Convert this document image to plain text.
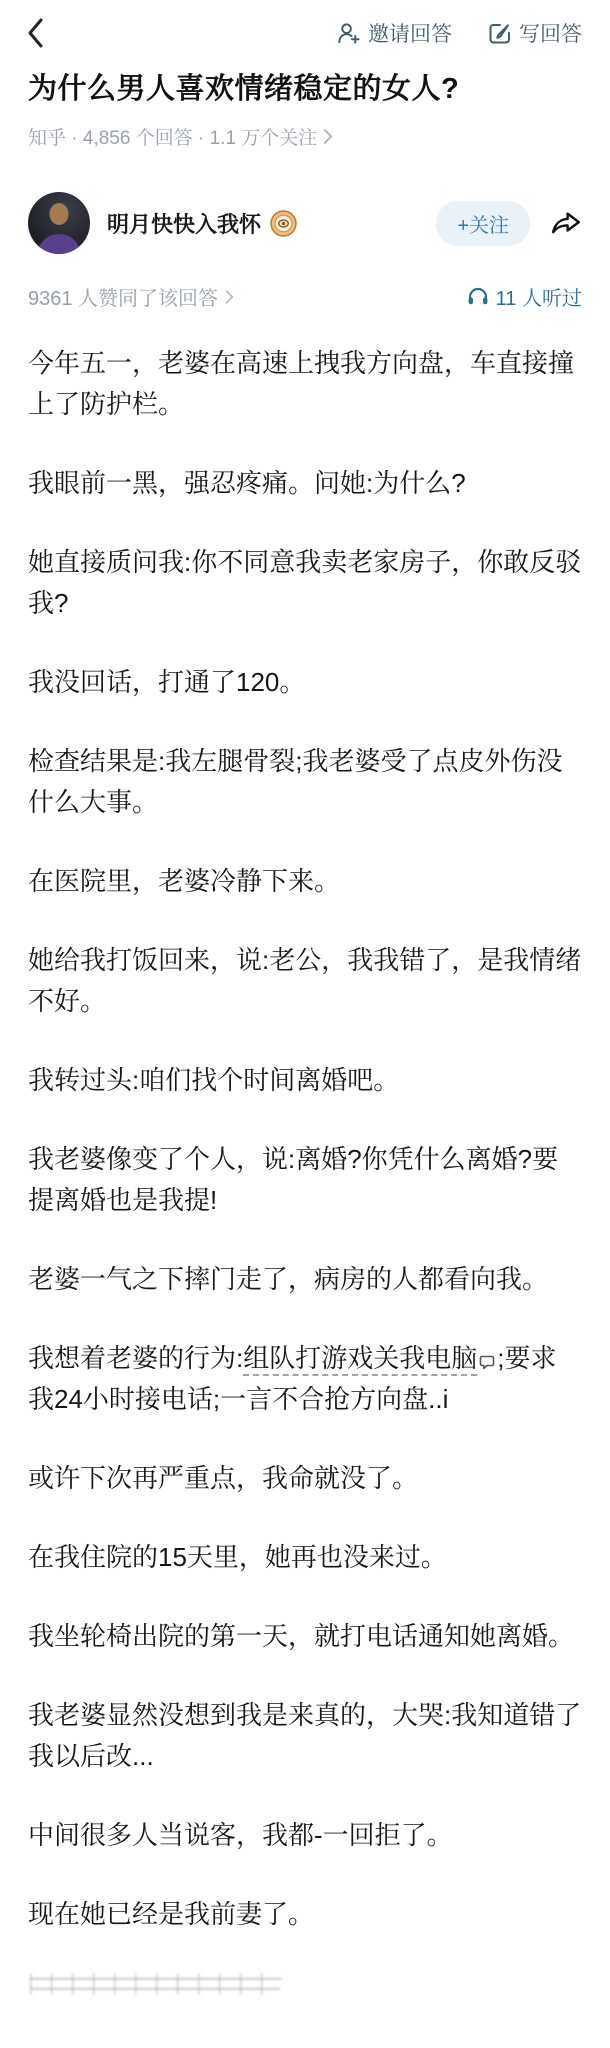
邀请回答	写回答
为什么男人喜欢情绪稳定的女人?
知乎 · 4,856 个回答 · 1.1 万个关注
明月快快入我怀	+关注
9361 人赞同了该回答	11 人听过

今年五一，老婆在高速上拽我方向盘，车直接撞上了防护栏。

我眼前一黑，强忍疼痛。问她:为什么?

她直接质问我:你不同意我卖老家房子，你敢反驳我?

我没回话，打通了120。

检查结果是:我左腿骨裂;我老婆受了点皮外伤没什么大事。

在医院里，老婆冷静下来。

她给我打饭回来，说:老公，我我错了，是我情绪不好。

我转过头:咱们找个时间离婚吧。

我老婆像变了个人，说:离婚?你凭什么离婚?要提离婚也是我提!

老婆一气之下摔门走了，病房的人都看向我。

我想着老婆的行为:组队打游戏关我电脑 ;要求我24小时接电话;一言不合抢方向盘..i

或许下次再严重点，我命就没了。

在我住院的15天里，她再也没来过。

我坐轮椅出院的第一天，就打电话通知她离婚。

我老婆显然没想到我是来真的，大哭:我知道错了我以后改...

中间很多人当说客，我都-一回拒了。

现在她已经是我前妻了。
